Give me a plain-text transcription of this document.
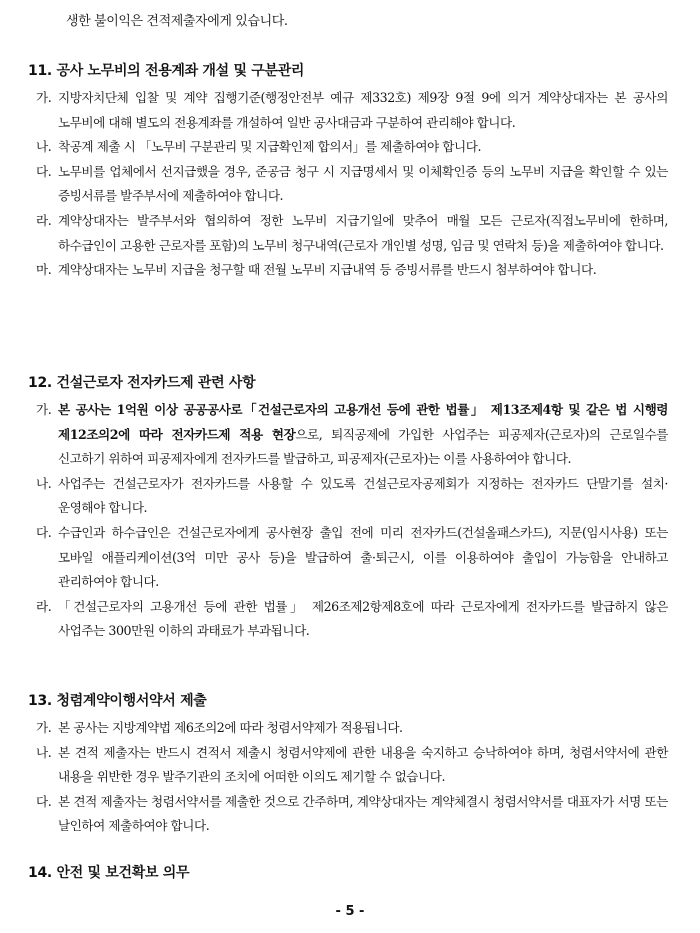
생한 불이익은 견적제출자에게 있습니다.
11. 공사 노무비의 전용계좌 개설 및 구분관리

가. 지방자치단체 입찰 및 계약 집행기준(행정안전부 예규 제332호) 제9장 9절 9에 의거 계약상대자는 본 공사의 노무비에 대해 별도의 전용계좌를 개설하여 일반 공사대금과 구분하여 관리해야 합니다.

나. 착공계 제출 시 「노무비 구분관리 및 지급확인제 합의서」를 제출하여야 합니다.

다. 노무비를 업체에서 선지급했을 경우, 준공금 청구 시 지급명세서 및 이체확인증 등의 노무비 지급을 확인할 수 있는 증빙서류를 발주부서에 제출하여야 합니다.

라. 계약상대자는 발주부서와 협의하여 정한 노무비 지급기일에 맞추어 매월 모든 근로자(직접노무비에 한하며, 하수급인이 고용한 근로자를 포함)의 노무비 청구내역(근로자 개인별 성명, 임금 및 연락처 등)을 제출하여야 합니다.

마. 계약상대자는 노무비 지급을 청구할 때 전월 노무비 지급내역 등 증빙서류를 반드시 첨부하여야 합니다.

12. 건설근로자 전자카드제 관련 사항

가. 본 공사는 1억원 이상 공공공사로「건설근로자의 고용개선 등에 관한 법률」 제13조제4항 및 같은 법 시행령 제12조의2에 따라 전자카드제 적용 현장으로, 퇴직공제에 가입한 사업주는 피공제자(근로자)의 근로일수를 신고하기 위하여 피공제자에게 전자카드를 발급하고, 피공제자(근로자)는 이를 사용하여야 합니다.

나. 사업주는 건설근로자가 전자카드를 사용할 수 있도록 건설근로자공제회가 지정하는 전자카드 단말기를 설치·운영해야 합니다.

다. 수급인과 하수급인은 건설근로자에게 공사현장 출입 전에 미리 전자카드(건설올패스카드), 지문(임시사용) 또는 모바일 애플리케이션(3억 미만 공사 등)을 발급하여 출·퇴근시, 이를 이용하여야 출입이 가능함을 안내하고 관리하여야 합니다.

라. 「건설근로자의 고용개선 등에 관한 법률」 제26조제2항제8호에 따라 근로자에게 전자카드를 발급하지 않은 사업주는 300만원 이하의 과태료가 부과됩니다.

13. 청렴계약이행서약서 제출

가. 본 공사는 지방계약법 제6조의2에 따라 청렴서약제가 적용됩니다.

나. 본 견적 제출자는 반드시 견적서 제출시 청렴서약제에 관한 내용을 숙지하고 승낙하여야 하며, 청렴서약서에 관한 내용을 위반한 경우 발주기관의 조치에 어떠한 이의도 제기할 수 없습니다.

다. 본 견적 제출자는 청렴서약서를 제출한 것으로 간주하며, 계약상대자는 계약체결시 청렴서약서를 대표자가 서명 또는 날인하여 제출하여야 합니다.

14. 안전 및 보건확보 의무
- 5 -
